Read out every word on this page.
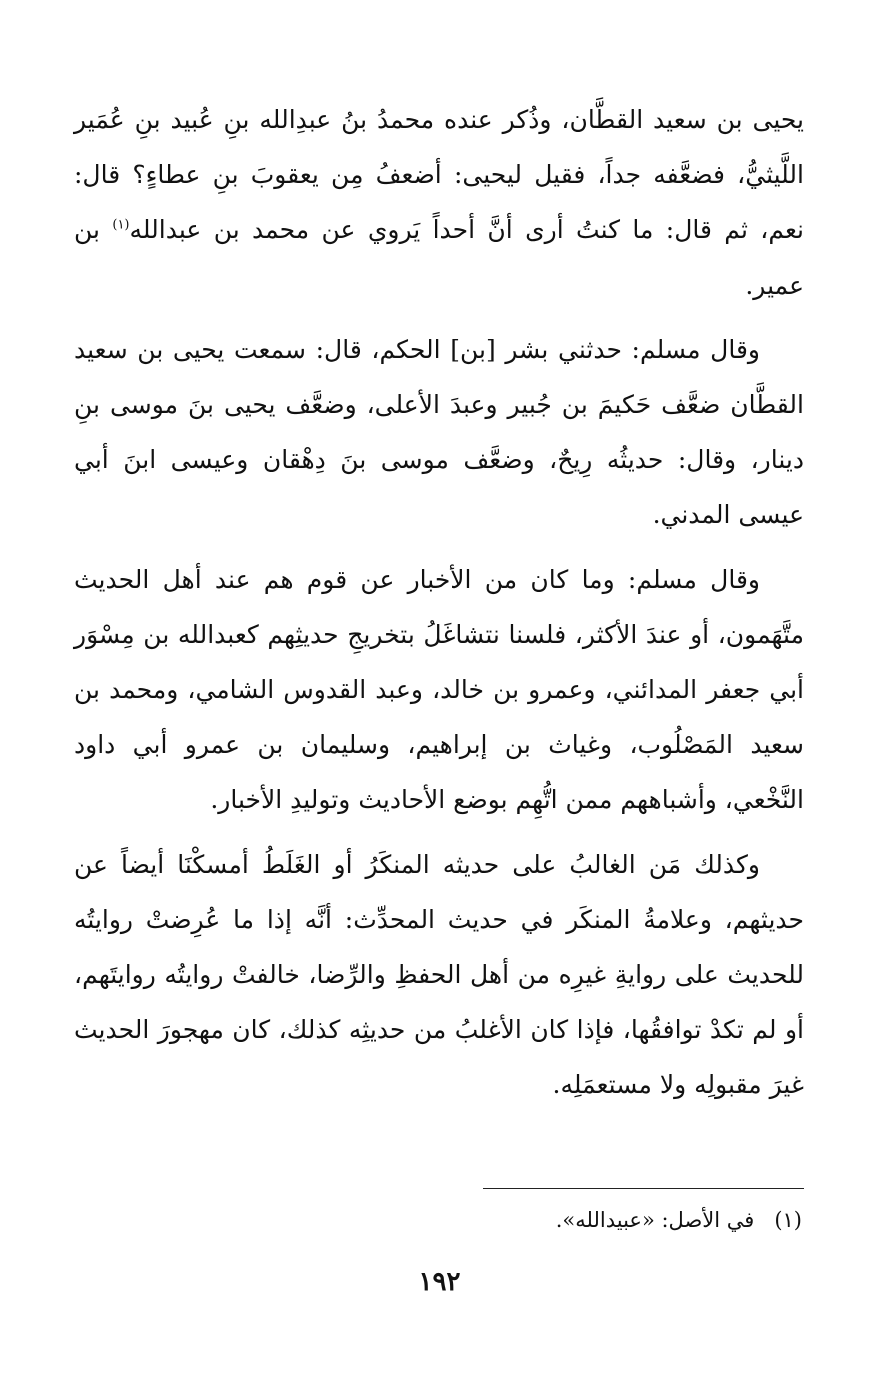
يحيى بن سعيد القطَّان، وذُكر عنده محمدُ بنُ عبدِالله بنِ عُبيد بنِ عُمَير اللَّيثيُّ، فضعَّفه جداً، فقيل ليحيى: أضعفُ مِن يعقوبَ بنِ عطاءٍ؟ قال: نعم، ثم قال: ما كنتُ أرى أنَّ أحداً يَروي عن محمد بن عبدالله$^{(١)}$ بن عمير.

وقال مسلم: حدثني بشر [بن] الحكم، قال: سمعت يحيى بن سعيد القطَّان ضعَّف حَكيمَ بن جُبير وعبدَ الأعلى، وضعَّف يحيى بنَ موسى بنِ دينار، وقال: حديثُه رِيحٌ، وضعَّف موسى بنَ دِهْقان وعيسى ابنَ أبي عيسى المدني.

وقال مسلم: وما كان من الأخبار عن قوم هم عند أهل الحديث متَّهَمون، أو عندَ الأكثر، فلسنا نتشاغَلُ بتخريجِ حديثِهم كعبدالله بن مِسْوَر أبي جعفر المدائني، وعمرو بن خالد، وعبد القدوس الشامي، ومحمد بن سعيد المَصْلُوب، وغياث بن إبراهيم، وسليمان بن عمرو أبي داود النَّخْعي، وأشباههم ممن اتُّهِم بوضع الأحاديث وتوليدِ الأخبار.

وكذلك مَن الغالبُ على حديثه المنكَرُ أو الغَلَطُ أمسكْنَا أيضاً عن حديثهم، وعلامةُ المنكَر في حديث المحدِّث: أنَّه إذا ما عُرِضتْ روايتُه للحديث على روايةِ غيرِه من أهل الحفظِ والرِّضا، خالفتْ روايتُه روايتَهم، أو لم تكدْ توافقُها، فإذا كان الأغلبُ من حديثِه كذلك، كان مهجورَ الحديث غيرَ مقبولِه ولا مستعمَلِه.

(١)في الأصل: «عبيدالله».
١٩٢
